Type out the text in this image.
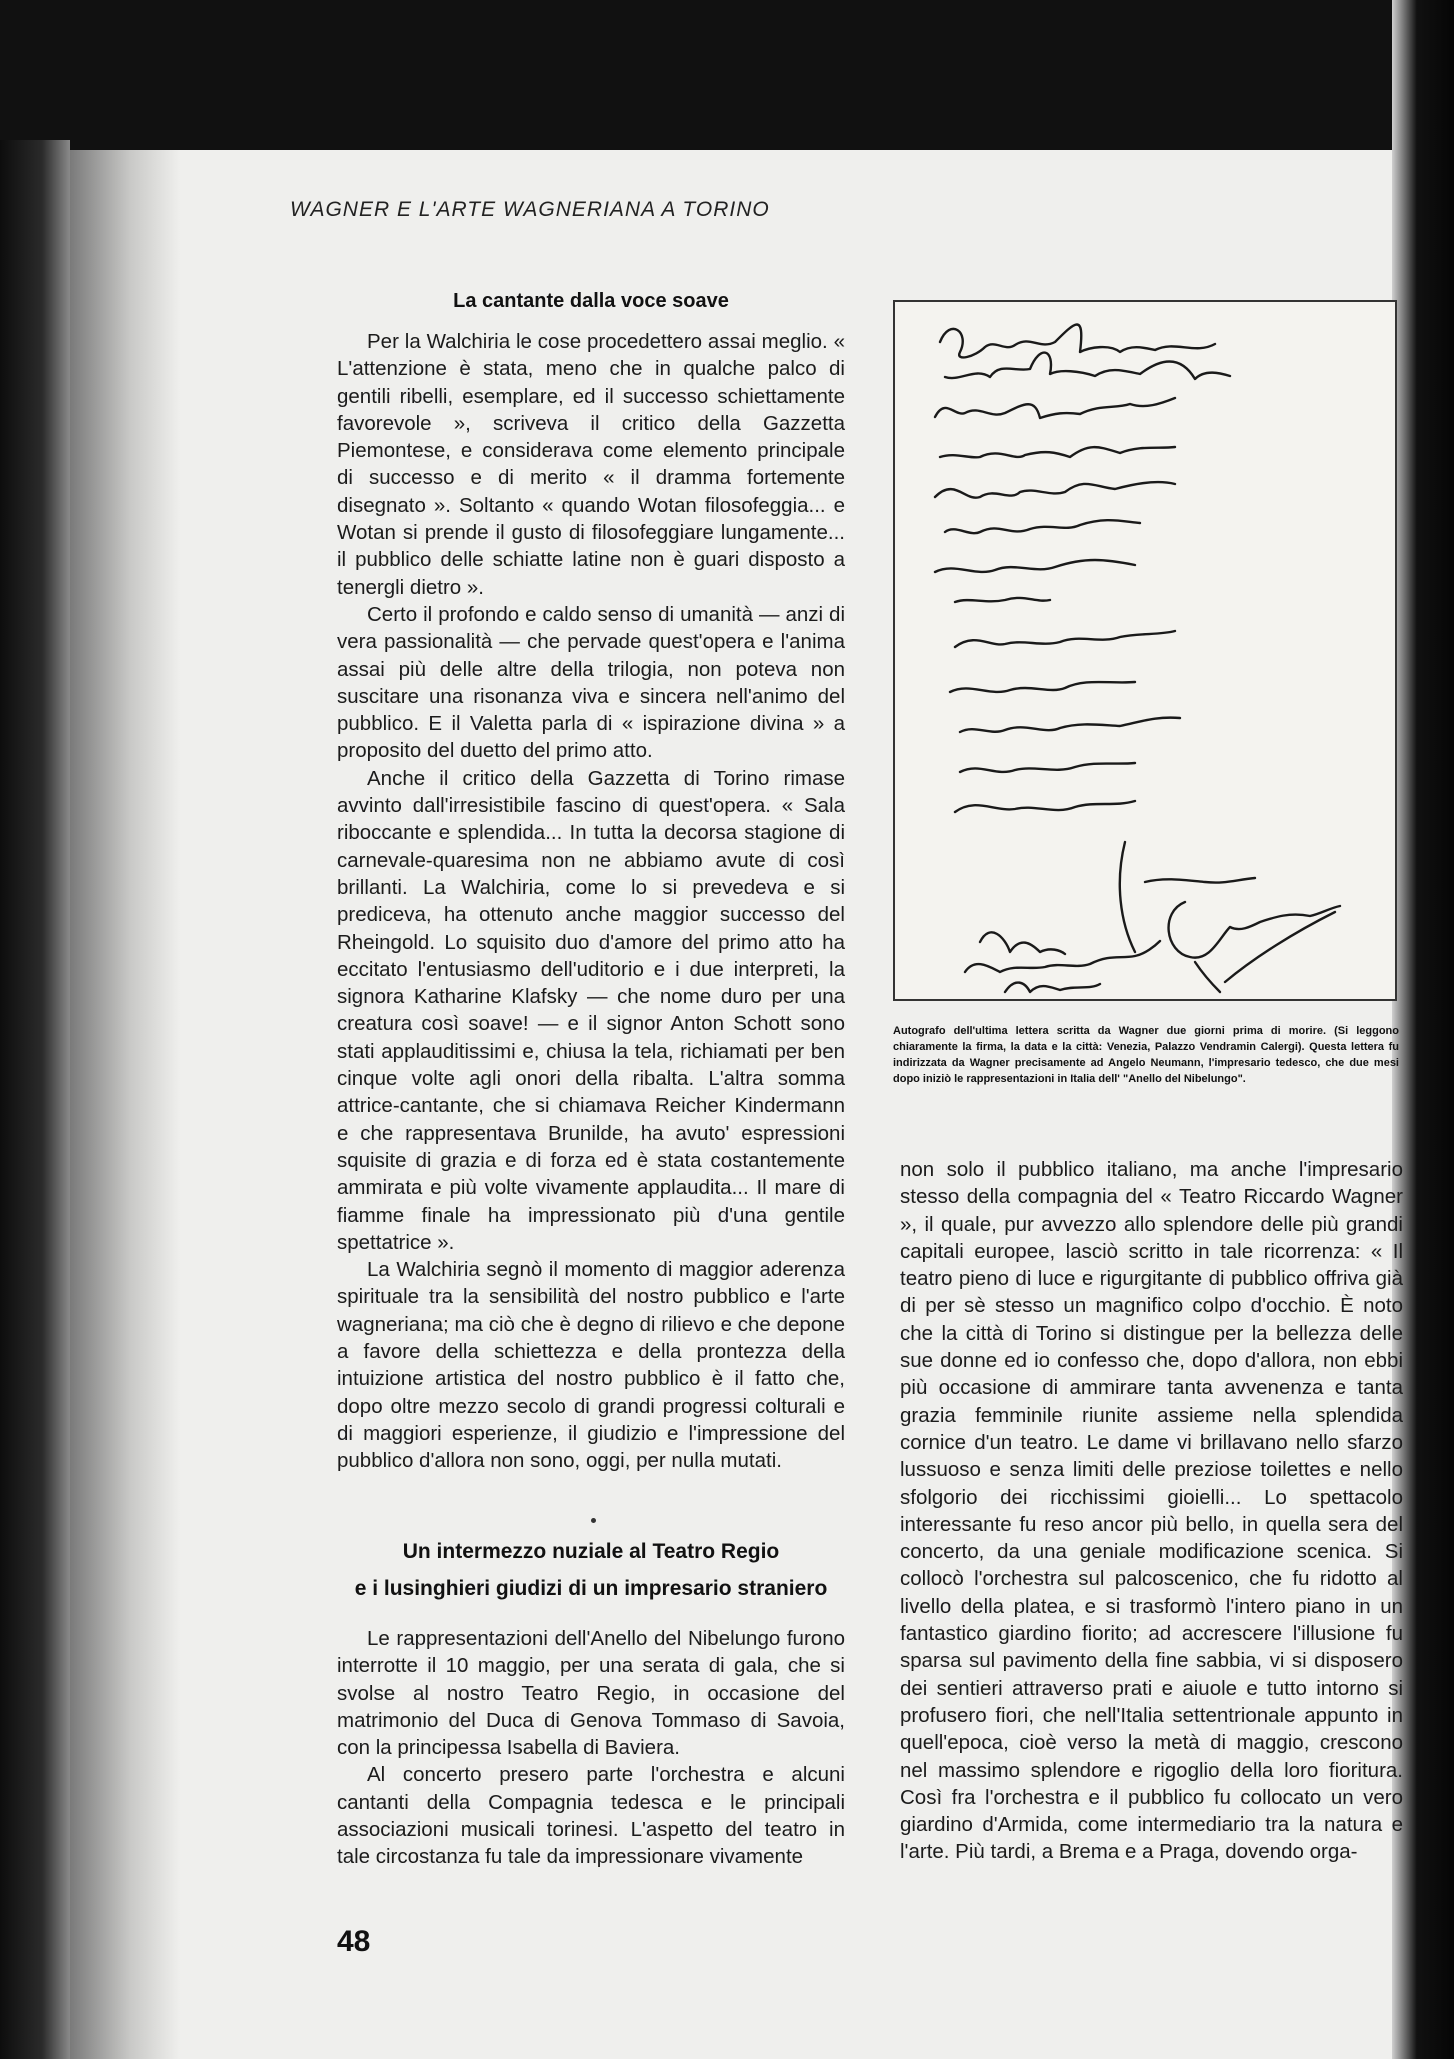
WAGNER E L'ARTE WAGNERIANA A TORINO
La cantante dalla voce soave

Per la Walchiria le cose procedettero assai meglio. « L'attenzione è stata, meno che in qualche palco di gentili ribelli, esemplare, ed il successo schiettamente favorevole », scriveva il critico della Gazzetta Piemontese, e considerava come elemento principale di successo e di merito « il dramma fortemente disegnato ». Soltanto « quando Wotan filosofeggia... e Wotan si prende il gusto di filosofeggiare lungamente... il pubblico delle schiatte latine non è guari disposto a tenergli dietro ».

Certo il profondo e caldo senso di umanità — anzi di vera passionalità — che pervade quest'opera e l'anima assai più delle altre della trilogia, non poteva non suscitare una risonanza viva e sincera nell'animo del pubblico. E il Valetta parla di « ispirazione divina » a proposito del duetto del primo atto.

Anche il critico della Gazzetta di Torino rimase avvinto dall'irresistibile fascino di quest'opera. « Sala riboccante e splendida... In tutta la decorsa stagione di carnevale-quaresima non ne abbiamo avute di così brillanti. La Walchiria, come lo si prevedeva e si prediceva, ha ottenuto anche maggior successo del Rheingold. Lo squisito duo d'amore del primo atto ha eccitato l'entusiasmo dell'uditorio e i due interpreti, la signora Katharine Klafsky — che nome duro per una creatura così soave! — e il signor Anton Schott sono stati applauditissimi e, chiusa la tela, richiamati per ben cinque volte agli onori della ribalta. L'altra somma attrice-cantante, che si chiamava Reicher Kindermann e che rappresentava Brunilde, ha avuto' espressioni squisite di grazia e di forza ed è stata costantemente ammirata e più volte vivamente applaudita... Il mare di fiamme finale ha impressionato più d'una gentile spettatrice ».

La Walchiria segnò il momento di maggior aderenza spirituale tra la sensibilità del nostro pubblico e l'arte wagneriana; ma ciò che è degno di rilievo e che depone a favore della schiettezza e della prontezza della intuizione artistica del nostro pubblico è il fatto che, dopo oltre mezzo secolo di grandi progressi colturali e di maggiori esperienze, il giudizio e l'impressione del pubblico d'allora non sono, oggi, per nulla mutati.

Un intermezzo nuziale al Teatro Regio
e i lusinghieri giudizi di un impresario straniero

Le rappresentazioni dell'Anello del Nibelungo furono interrotte il 10 maggio, per una serata di gala, che si svolse al nostro Teatro Regio, in occasione del matrimonio del Duca di Genova Tommaso di Savoia, con la principessa Isabella di Baviera.

Al concerto presero parte l'orchestra e alcuni cantanti della Compagnia tedesca e le principali associazioni musicali torinesi. L'aspetto del teatro in tale circostanza fu tale da impressionare vivamente

Autografo dell'ultima lettera scritta da Wagner due giorni prima di morire. (Si leggono chiaramente la firma, la data e la città: Venezia, Palazzo Vendramin Calergi). Questa lettera fu indirizzata da Wagner precisamente ad Angelo Neumann, l'impresario tedesco, che due mesi dopo iniziò le rappresentazioni in Italia dell' "Anello del Nibelungo".

non solo il pubblico italiano, ma anche l'impresario stesso della compagnia del « Teatro Riccardo Wagner », il quale, pur avvezzo allo splendore delle più grandi capitali europee, lasciò scritto in tale ricorrenza: « Il teatro pieno di luce e rigurgitante di pubblico offriva già di per sè stesso un magnifico colpo d'occhio. È noto che la città di Torino si distingue per la bellezza delle sue donne ed io confesso che, dopo d'allora, non ebbi più occasione di ammirare tanta avvenenza e tanta grazia femminile riunite assieme nella splendida cornice d'un teatro. Le dame vi brillavano nello sfarzo lussuoso e senza limiti delle preziose toilettes e nello sfolgorio dei ricchissimi gioielli... Lo spettacolo interessante fu reso ancor più bello, in quella sera del concerto, da una geniale modificazione scenica. Si collocò l'orchestra sul palcoscenico, che fu ridotto al livello della platea, e si trasformò l'intero piano in un fantastico giardino fiorito; ad accrescere l'illusione fu sparsa sul pavimento della fine sabbia, vi si disposero dei sentieri attraverso prati e aiuole e tutto intorno si profusero fiori, che nell'Italia settentrionale appunto in quell'epoca, cioè verso la metà di maggio, crescono nel massimo splendore e rigoglio della loro fioritura. Così fra l'orchestra e il pubblico fu collocato un vero giardino d'Armida, come intermediario tra la natura e l'arte. Più tardi, a Brema e a Praga, dovendo orga-

48
